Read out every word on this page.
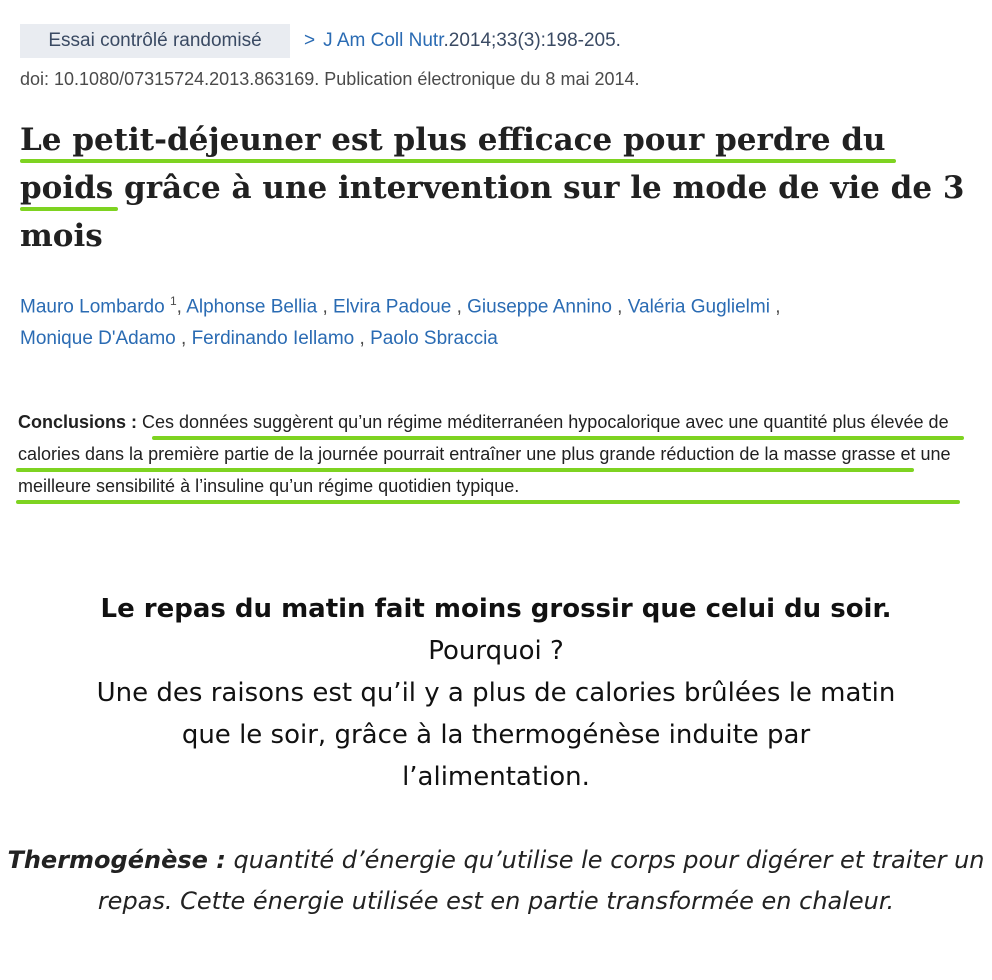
Essai contrôlé randomisé	> J Am Coll Nutr.2014;33(3):198-205.
doi: 10.1080/07315724.2013.863169. Publication électronique du 8 mai 2014.
Le petit-déjeuner est plus efficace pour perdre du poids grâce à une intervention sur le mode de vie de 3 mois
Mauro Lombardo $^1$, Alphonse Bellia , Elvira Padoue , Giuseppe Annino , Valéria Guglielmi ,
Monique D'Adamo , Ferdinando Iellamo , Paolo Sbraccia
Conclusions : Ces données suggèrent qu’un régime méditerranéen hypocalorique avec une quantité plus élevée de calories dans la première partie de la journée pourrait entraîner une plus grande réduction de la masse grasse et une meilleure sensibilité à l’insuline qu’un régime quotidien typique.

Le repas du matin fait moins grossir que celui du soir.

Pourquoi ?

Une des raisons est qu’il y a plus de calories brûlées le matin

que le soir, grâce à la thermogénèse induite par

l’alimentation.

Thermogénèse : quantité d’énergie qu’utilise le corps pour digérer et traiter un repas. Cette énergie utilisée est en partie transformée en chaleur.
